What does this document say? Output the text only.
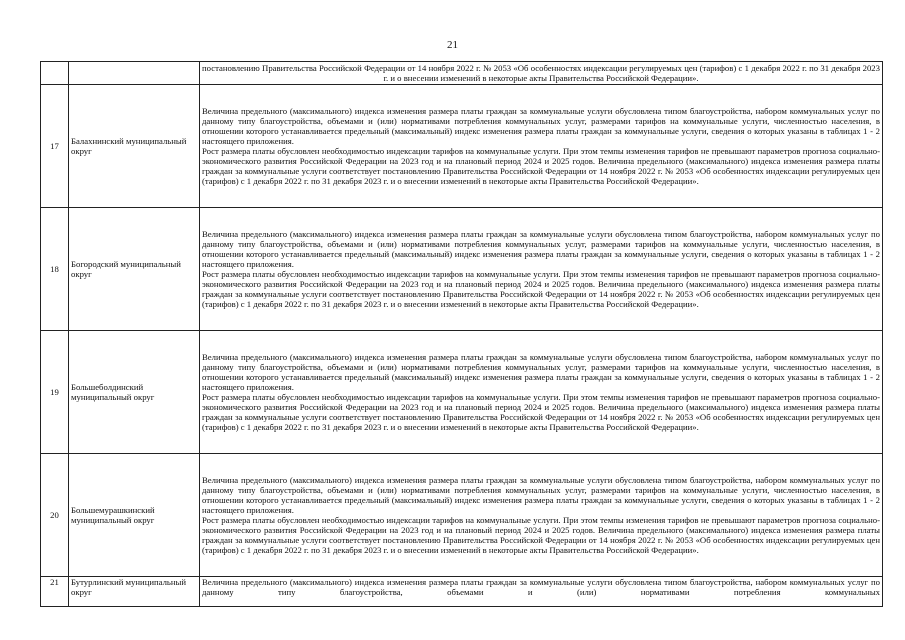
21

		постановлению Правительства Российской Федерации от 14 ноября 2022 г. № 2053 «Об особенностях индексации регулируемых цен (тарифов) с 1 декабря 2022 г. по 31 декабря 2023 г. и о внесении изменений в некоторые акты Правительства Российской Федерации».

17	Балахнинский муниципальный округ	Величина предельного (максимального) индекса изменения размера платы граждан за коммунальные услуги обусловлена типом благоустройства, набором коммунальных услуг по данному типу благоустройства, объемами и (или) нормативами потребления коммунальных услуг, размерами тарифов на коммунальные услуги, численностью населения, в отношении которого устанавливается предельный (максимальный) индекс изменения размера платы граждан за коммунальные услуги, сведения о которых указаны в таблицах 1 - 2 настоящего приложения.

Рост размера платы обусловлен необходимостью индексации тарифов на коммунальные услуги. При этом темпы изменения тарифов не превышают параметров прогноза социально-экономического развития Российской Федерации на 2023 год и на плановый период 2024 и 2025 годов. Величина предельного (максимального) индекса изменения размера платы граждан за коммунальные услуги соответствует постановлению Правительства Российской Федерации от 14 ноября 2022 г. № 2053 «Об особенностях индексации регулируемых цен (тарифов) с 1 декабря 2022 г. по 31 декабря 2023 г. и о внесении изменений в некоторые акты Правительства Российской Федерации».

18	Богородский муниципальный округ	Величина предельного (максимального) индекса изменения размера платы граждан за коммунальные услуги обусловлена типом благоустройства, набором коммунальных услуг по данному типу благоустройства, объемами и (или) нормативами потребления коммунальных услуг, размерами тарифов на коммунальные услуги, численностью населения, в отношении которого устанавливается предельный (максимальный) индекс изменения размера платы граждан за коммунальные услуги, сведения о которых указаны в таблицах 1 - 2 настоящего приложения.

Рост размера платы обусловлен необходимостью индексации тарифов на коммунальные услуги. При этом темпы изменения тарифов не превышают параметров прогноза социально-экономического развития Российской Федерации на 2023 год и на плановый период 2024 и 2025 годов. Величина предельного (максимального) индекса изменения размера платы граждан за коммунальные услуги соответствует постановлению Правительства Российской Федерации от 14 ноября 2022 г. № 2053 «Об особенностях индексации регулируемых цен (тарифов) с 1 декабря 2022 г. по 31 декабря 2023 г. и о внесении изменений в некоторые акты Правительства Российской Федерации».

19	Большеболдинский муниципальный округ	Величина предельного (максимального) индекса изменения размера платы граждан за коммунальные услуги обусловлена типом благоустройства, набором коммунальных услуг по данному типу благоустройства, объемами и (или) нормативами потребления коммунальных услуг, размерами тарифов на коммунальные услуги, численностью населения, в отношении которого устанавливается предельный (максимальный) индекс изменения размера платы граждан за коммунальные услуги, сведения о которых указаны в таблицах 1 - 2 настоящего приложения.

Рост размера платы обусловлен необходимостью индексации тарифов на коммунальные услуги. При этом темпы изменения тарифов не превышают параметров прогноза социально-экономического развития Российской Федерации на 2023 год и на плановый период 2024 и 2025 годов. Величина предельного (максимального) индекса изменения размера платы граждан за коммунальные услуги соответствует постановлению Правительства Российской Федерации от 14 ноября 2022 г. № 2053 «Об особенностях индексации регулируемых цен (тарифов) с 1 декабря 2022 г. по 31 декабря 2023 г. и о внесении изменений в некоторые акты Правительства Российской Федерации».

20	Большемурашкинский муниципальный округ	Величина предельного (максимального) индекса изменения размера платы граждан за коммунальные услуги обусловлена типом благоустройства, набором коммунальных услуг по данному типу благоустройства, объемами и (или) нормативами потребления коммунальных услуг, размерами тарифов на коммунальные услуги, численностью населения, в отношении которого устанавливается предельный (максимальный) индекс изменения размера платы граждан за коммунальные услуги, сведения о которых указаны в таблицах 1 - 2 настоящего приложения.

Рост размера платы обусловлен необходимостью индексации тарифов на коммунальные услуги. При этом темпы изменения тарифов не превышают параметров прогноза социально-экономического развития Российской Федерации на 2023 год и на плановый период 2024 и 2025 годов. Величина предельного (максимального) индекса изменения размера платы граждан за коммунальные услуги соответствует постановлению Правительства Российской Федерации от 14 ноября 2022 г. № 2053 «Об особенностях индексации регулируемых цен (тарифов) с 1 декабря 2022 г. по 31 декабря 2023 г. и о внесении изменений в некоторые акты Правительства Российской Федерации».

21	Бутурлинский муниципальный округ	Величина предельного (максимального) индекса изменения размера платы граждан за коммунальные услуги обусловлена типом благоустройства, набором коммунальных услуг по данному типу благоустройства, объемами и (или) нормативами потребления коммунальных
